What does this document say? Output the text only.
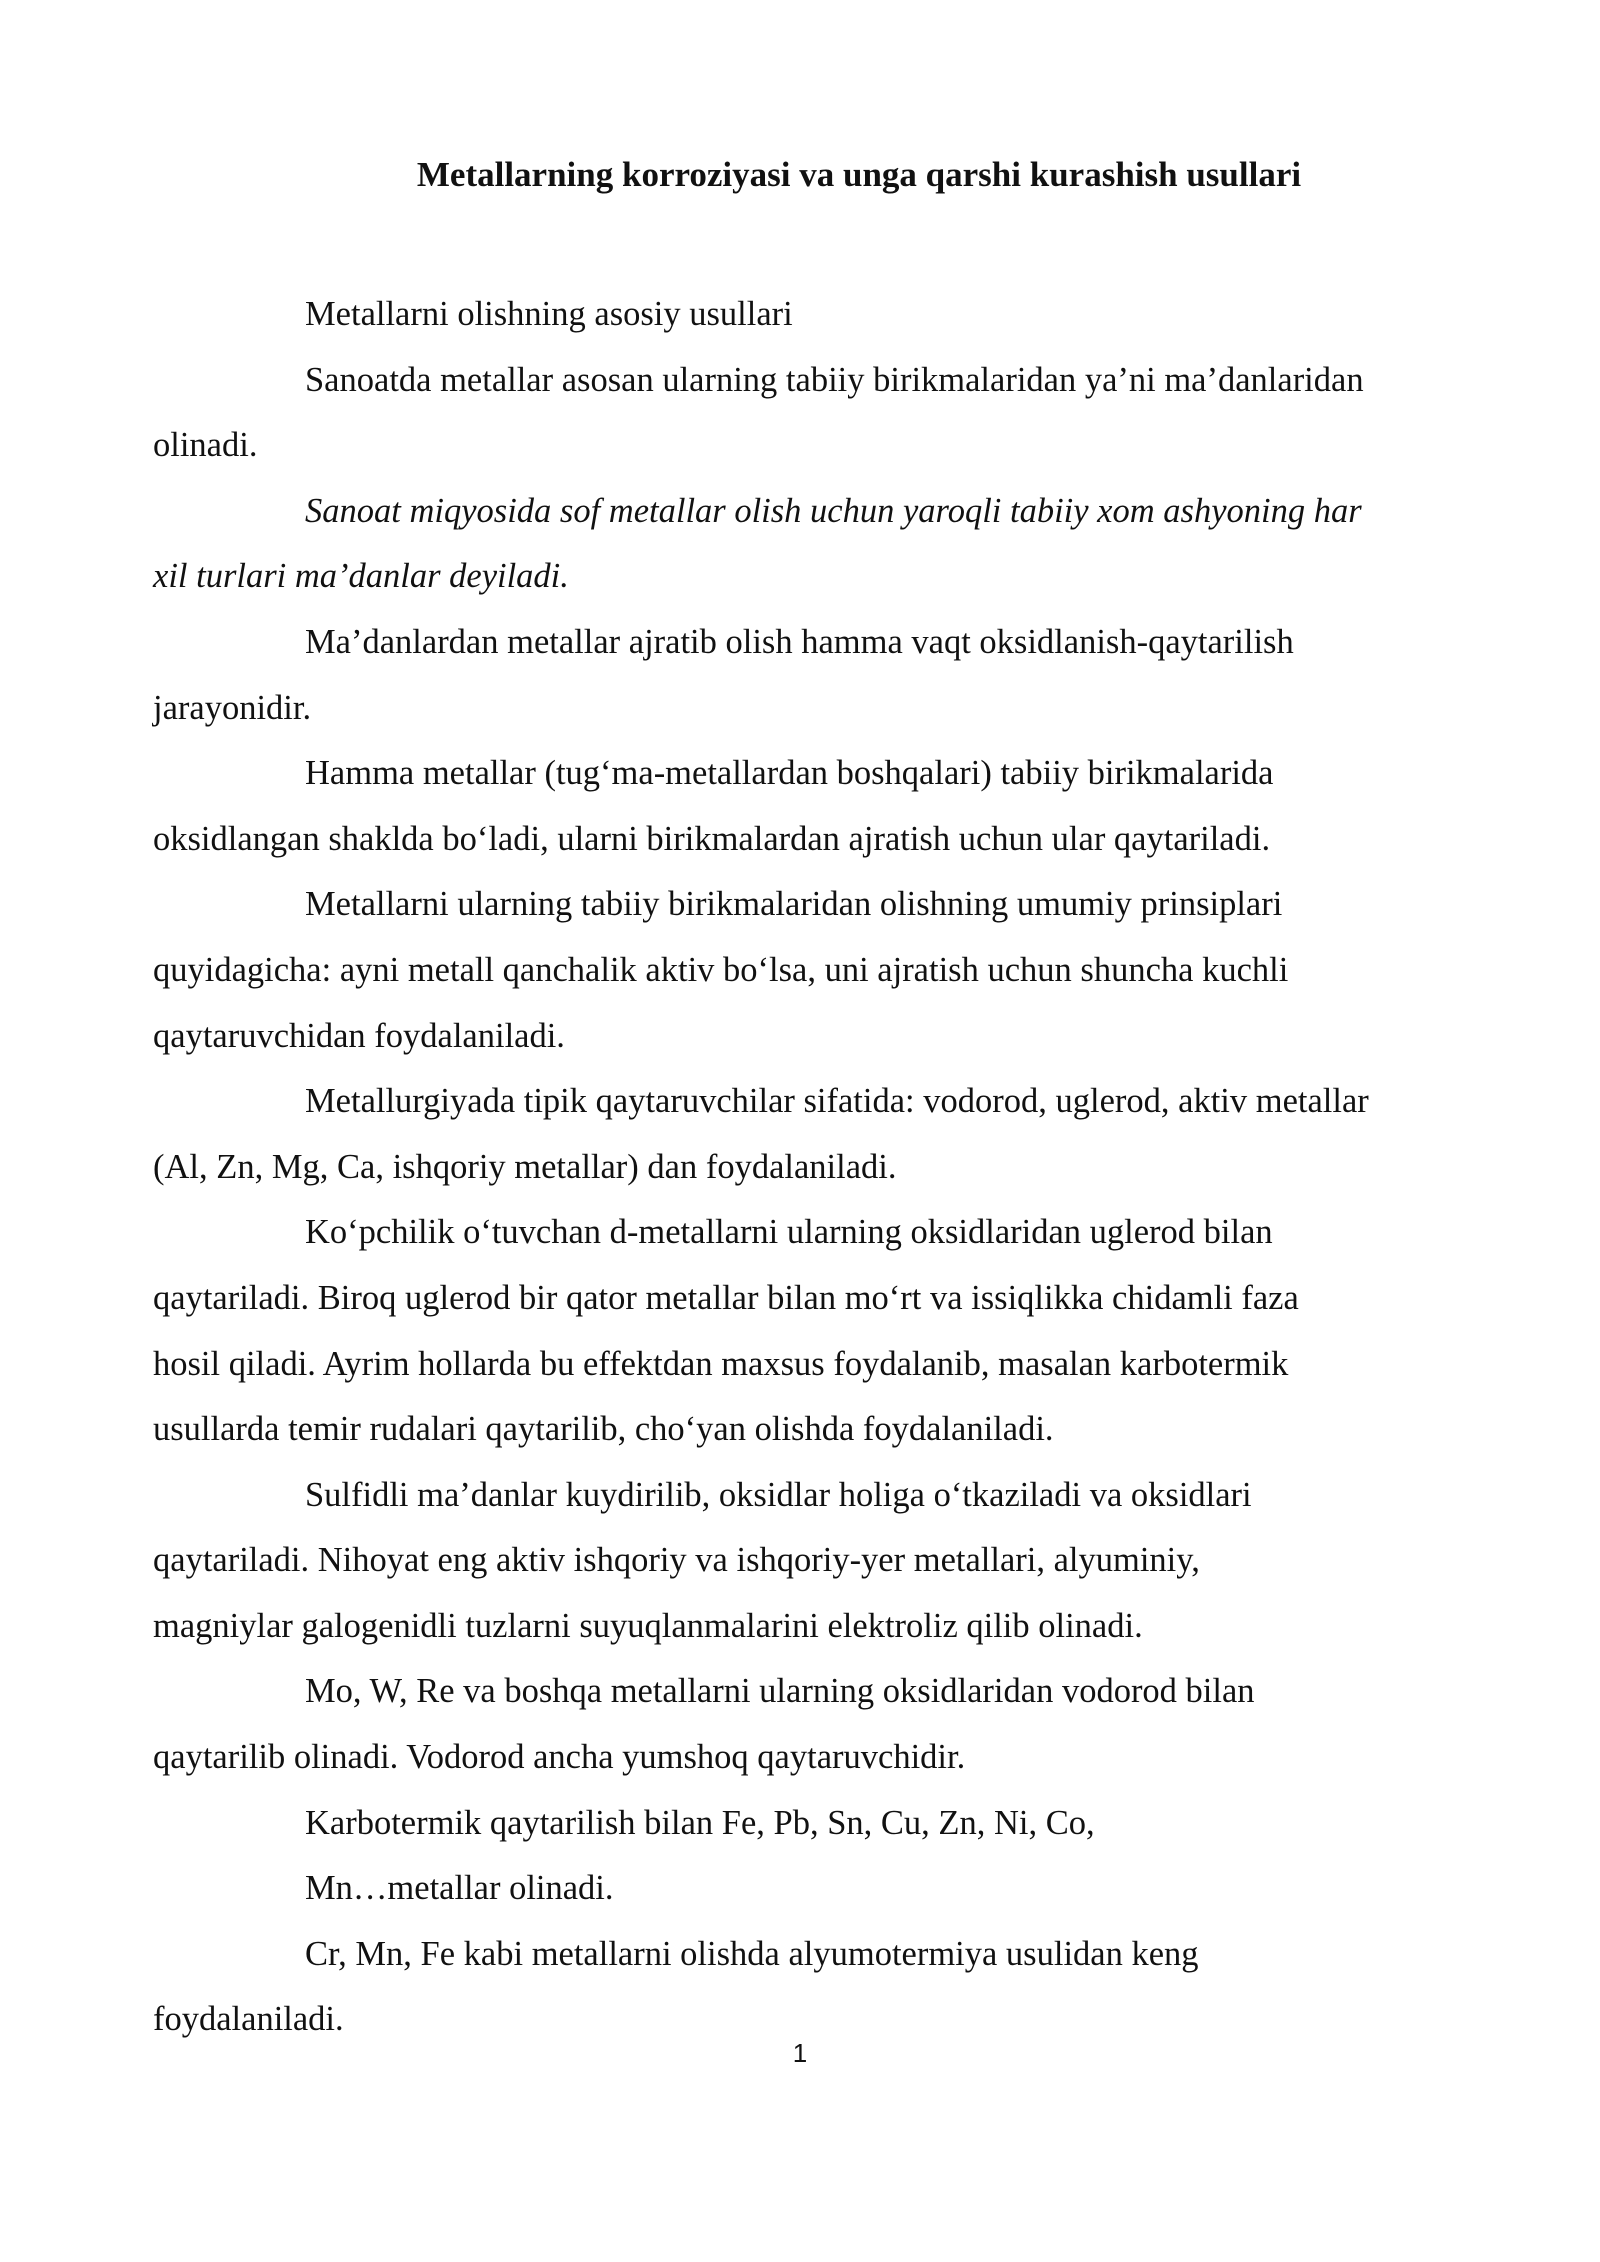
Metallarning korroziyasi va unga qarshi kurashish usullari

Metallarni olishning asosiy usullari

Sanoatda metallar asosan ularning tabiiy birikmalaridan ya’ni ma’danlaridan
olinadi.

Sanoat miqyosida sof metallar olish uchun yaroqli tabiiy xom ashyoning har
xil turlari ma’danlar deyiladi.

Ma’danlardan metallar ajratib olish hamma vaqt oksidlanish-qaytarilish
jarayonidir.

Hamma metallar (tug‘ma-metallardan boshqalari) tabiiy birikmalarida
oksidlangan shaklda bo‘ladi, ularni birikmalardan ajratish uchun ular qaytariladi.

Metallarni ularning tabiiy birikmalaridan olishning umumiy prinsiplari
quyidagicha: ayni metall qanchalik aktiv bo‘lsa, uni ajratish uchun shuncha kuchli
qaytaruvchidan foydalaniladi.

Metallurgiyada tipik qaytaruvchilar sifatida: vodorod, uglerod, aktiv metallar
(Al, Zn, Mg, Ca, ishqoriy metallar) dan foydalaniladi.

Ko‘pchilik o‘tuvchan d-metallarni ularning oksidlaridan uglerod bilan
qaytariladi. Biroq uglerod bir qator metallar bilan mo‘rt va issiqlikka chidamli faza
hosil qiladi. Ayrim hollarda bu effektdan maxsus foydalanib, masalan karbotermik
usullarda temir rudalari qaytarilib, cho‘yan olishda foydalaniladi.

Sulfidli ma’danlar kuydirilib, oksidlar holiga o‘tkaziladi va oksidlari
qaytariladi. Nihoyat eng aktiv ishqoriy va ishqoriy-yer metallari, alyuminiy,
magniylar galogenidli tuzlarni suyuqlanmalarini elektroliz qilib olinadi.

Mo, W, Re va boshqa metallarni ularning oksidlaridan vodorod bilan
qaytarilib olinadi. Vodorod ancha yumshoq qaytaruvchidir.

Karbotermik qaytarilish bilan Fe, Pb, Sn, Cu, Zn, Ni, Co,

Mn…metallar olinadi.

Cr, Mn, Fe kabi metallarni olishda alyumotermiya usulidan keng
foydalaniladi.

1
